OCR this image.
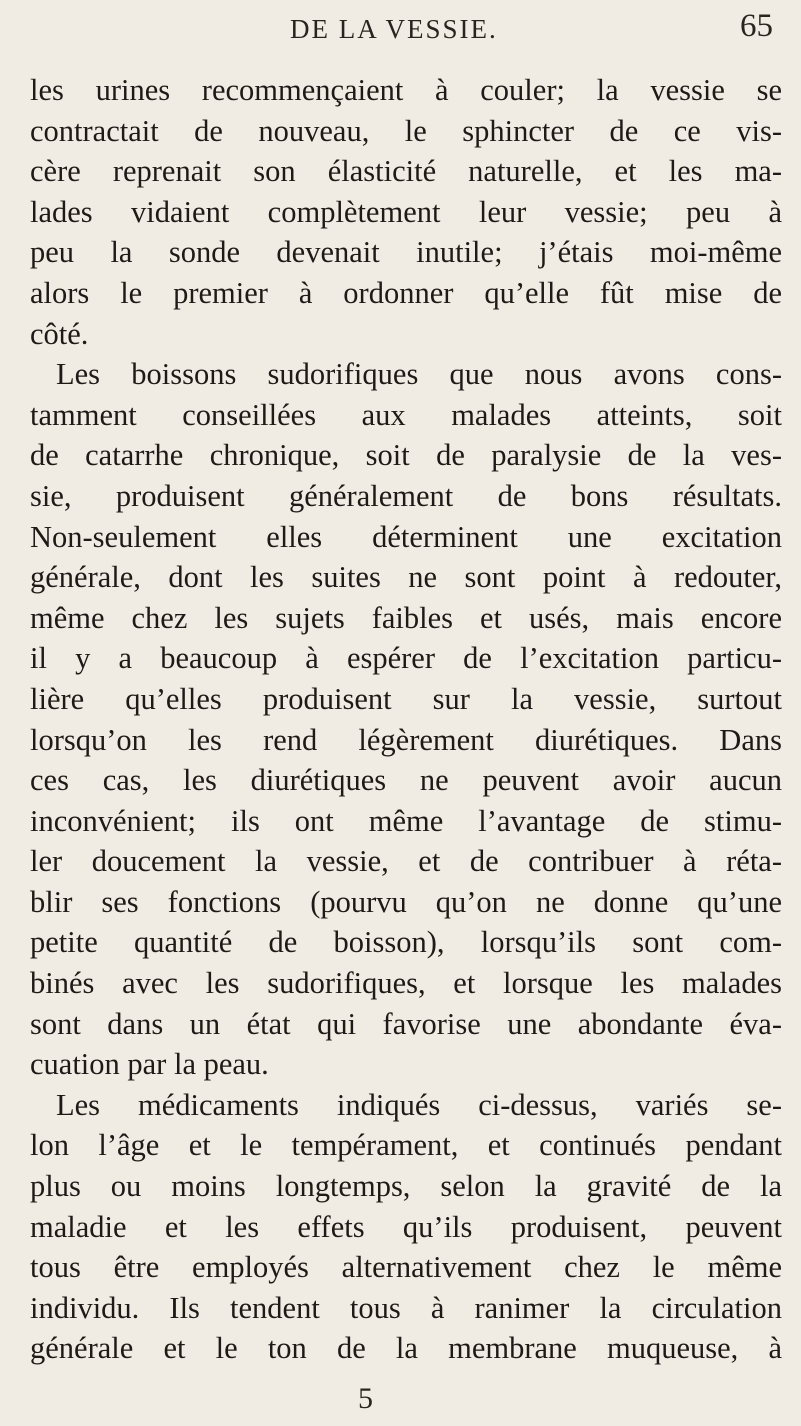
DE LA VESSIE.	65
les urines recommençaient à couler; la vessie se
contractait de nouveau, le sphincter de ce vis-
cère reprenait son élasticité naturelle, et les ma-
lades vidaient complètement leur vessie; peu à
peu la sonde devenait inutile; j’étais moi-même
alors le premier à ordonner qu’elle fût mise de
côté.
Les boissons sudorifiques que nous avons cons-
tamment conseillées aux malades atteints, soit
de catarrhe chronique, soit de paralysie de la ves-
sie, produisent généralement de bons résultats.
Non-seulement elles déterminent une excitation
générale, dont les suites ne sont point à redouter,
même chez les sujets faibles et usés, mais encore
il y a beaucoup à espérer de l’excitation particu-
lière qu’elles produisent sur la vessie, surtout
lorsqu’on les rend légèrement diurétiques. Dans
ces cas, les diurétiques ne peuvent avoir aucun
inconvénient; ils ont même l’avantage de stimu-
ler doucement la vessie, et de contribuer à réta-
blir ses fonctions (pourvu qu’on ne donne qu’une
petite quantité de boisson), lorsqu’ils sont com-
binés avec les sudorifiques, et lorsque les malades
sont dans un état qui favorise une abondante éva-
cuation par la peau.
Les médicaments indiqués ci-dessus, variés se-
lon l’âge et le tempérament, et continués pendant
plus ou moins longtemps, selon la gravité de la
maladie et les effets qu’ils produisent, peuvent
tous être employés alternativement chez le même
individu. Ils tendent tous à ranimer la circulation
générale et le ton de la membrane muqueuse, à
5
